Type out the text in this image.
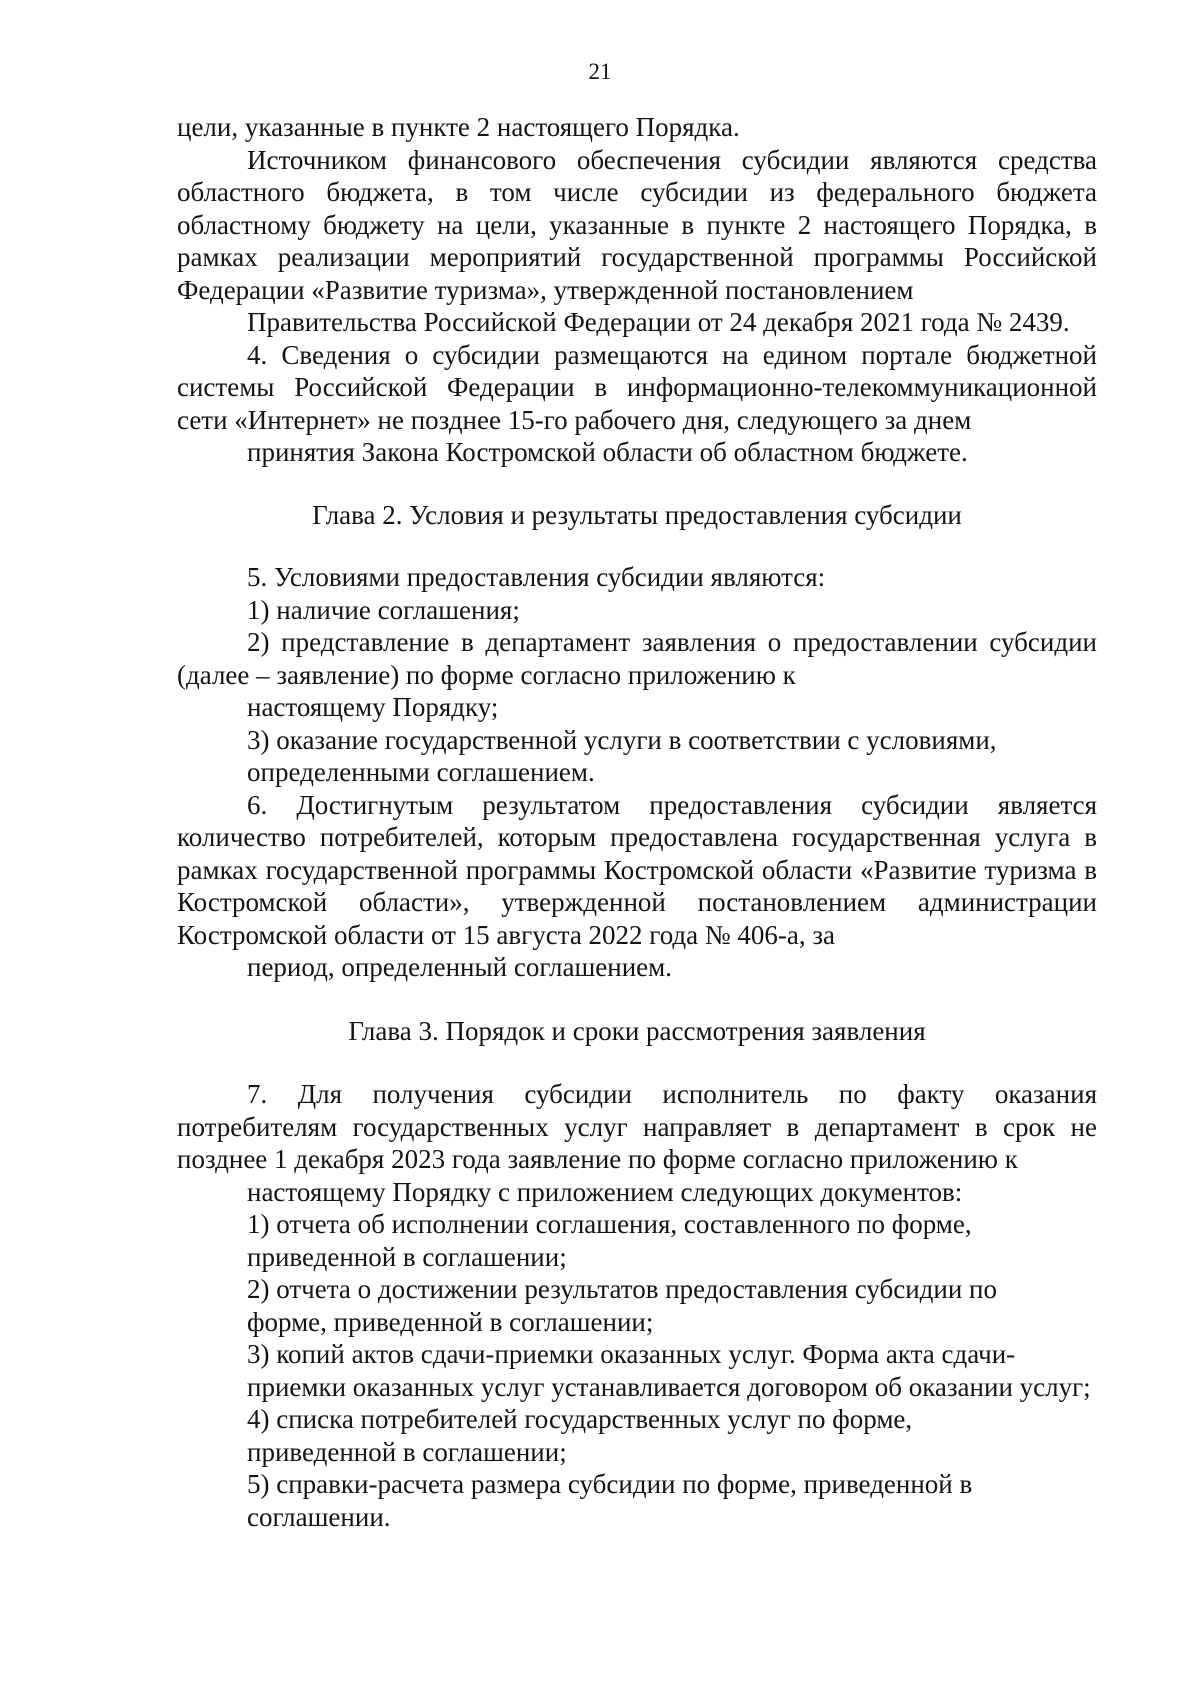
21

цели, указанные в пункте 2 настоящего Порядка.

Источником финансового обеспечения субсидии являются средства областного бюджета, в том числе субсидии из федерального бюджета областному бюджету на цели, указанные в пункте 2 настоящего Порядка, в рамках реализации мероприятий государственной программы Российской Федерации «Развитие туризма», утвержденной постановлением
Правительства Российской Федерации от 24 декабря 2021 года № 2439.

4. Сведения о субсидии размещаются на едином портале бюджетной системы Российской Федерации в информационно-телекоммуникационной сети «Интернет» не позднее 15-го рабочего дня, следующего за днем
принятия Закона Костромской области об областном бюджете.

Глава 2. Условия и результаты предоставления субсидии

5. Условиями предоставления субсидии являются:

1) наличие соглашения;

2) представление в департамент заявления о предоставлении субсидии (далее – заявление) по форме согласно приложению к
настоящему Порядку;

3) оказание государственной услуги в соответствии с условиями,
определенными соглашением.

6. Достигнутым результатом предоставления субсидии является количество потребителей, которым предоставлена государственная услуга в рамках государственной программы Костромской области «Развитие туризма в Костромской области», утвержденной постановлением администрации Костромской области от 15 августа 2022 года № 406-а, за
период, определенный соглашением.

Глава 3. Порядок и сроки рассмотрения заявления

7. Для получения субсидии исполнитель по факту оказания потребителям государственных услуг направляет в департамент в срок не позднее 1 декабря 2023 года заявление по форме согласно приложению к
настоящему Порядку с приложением следующих документов:

1) отчета об исполнении соглашения, составленного по форме,
приведенной в соглашении;

2) отчета о достижении результатов предоставления субсидии по
форме, приведенной в соглашении;

3) копий актов сдачи-приемки оказанных услуг. Форма акта сдачи-
приемки оказанных услуг устанавливается договором об оказании услуг;

4) списка потребителей государственных услуг по форме,
приведенной в соглашении;

5) справки-расчета размера субсидии по форме, приведенной в
соглашении.
